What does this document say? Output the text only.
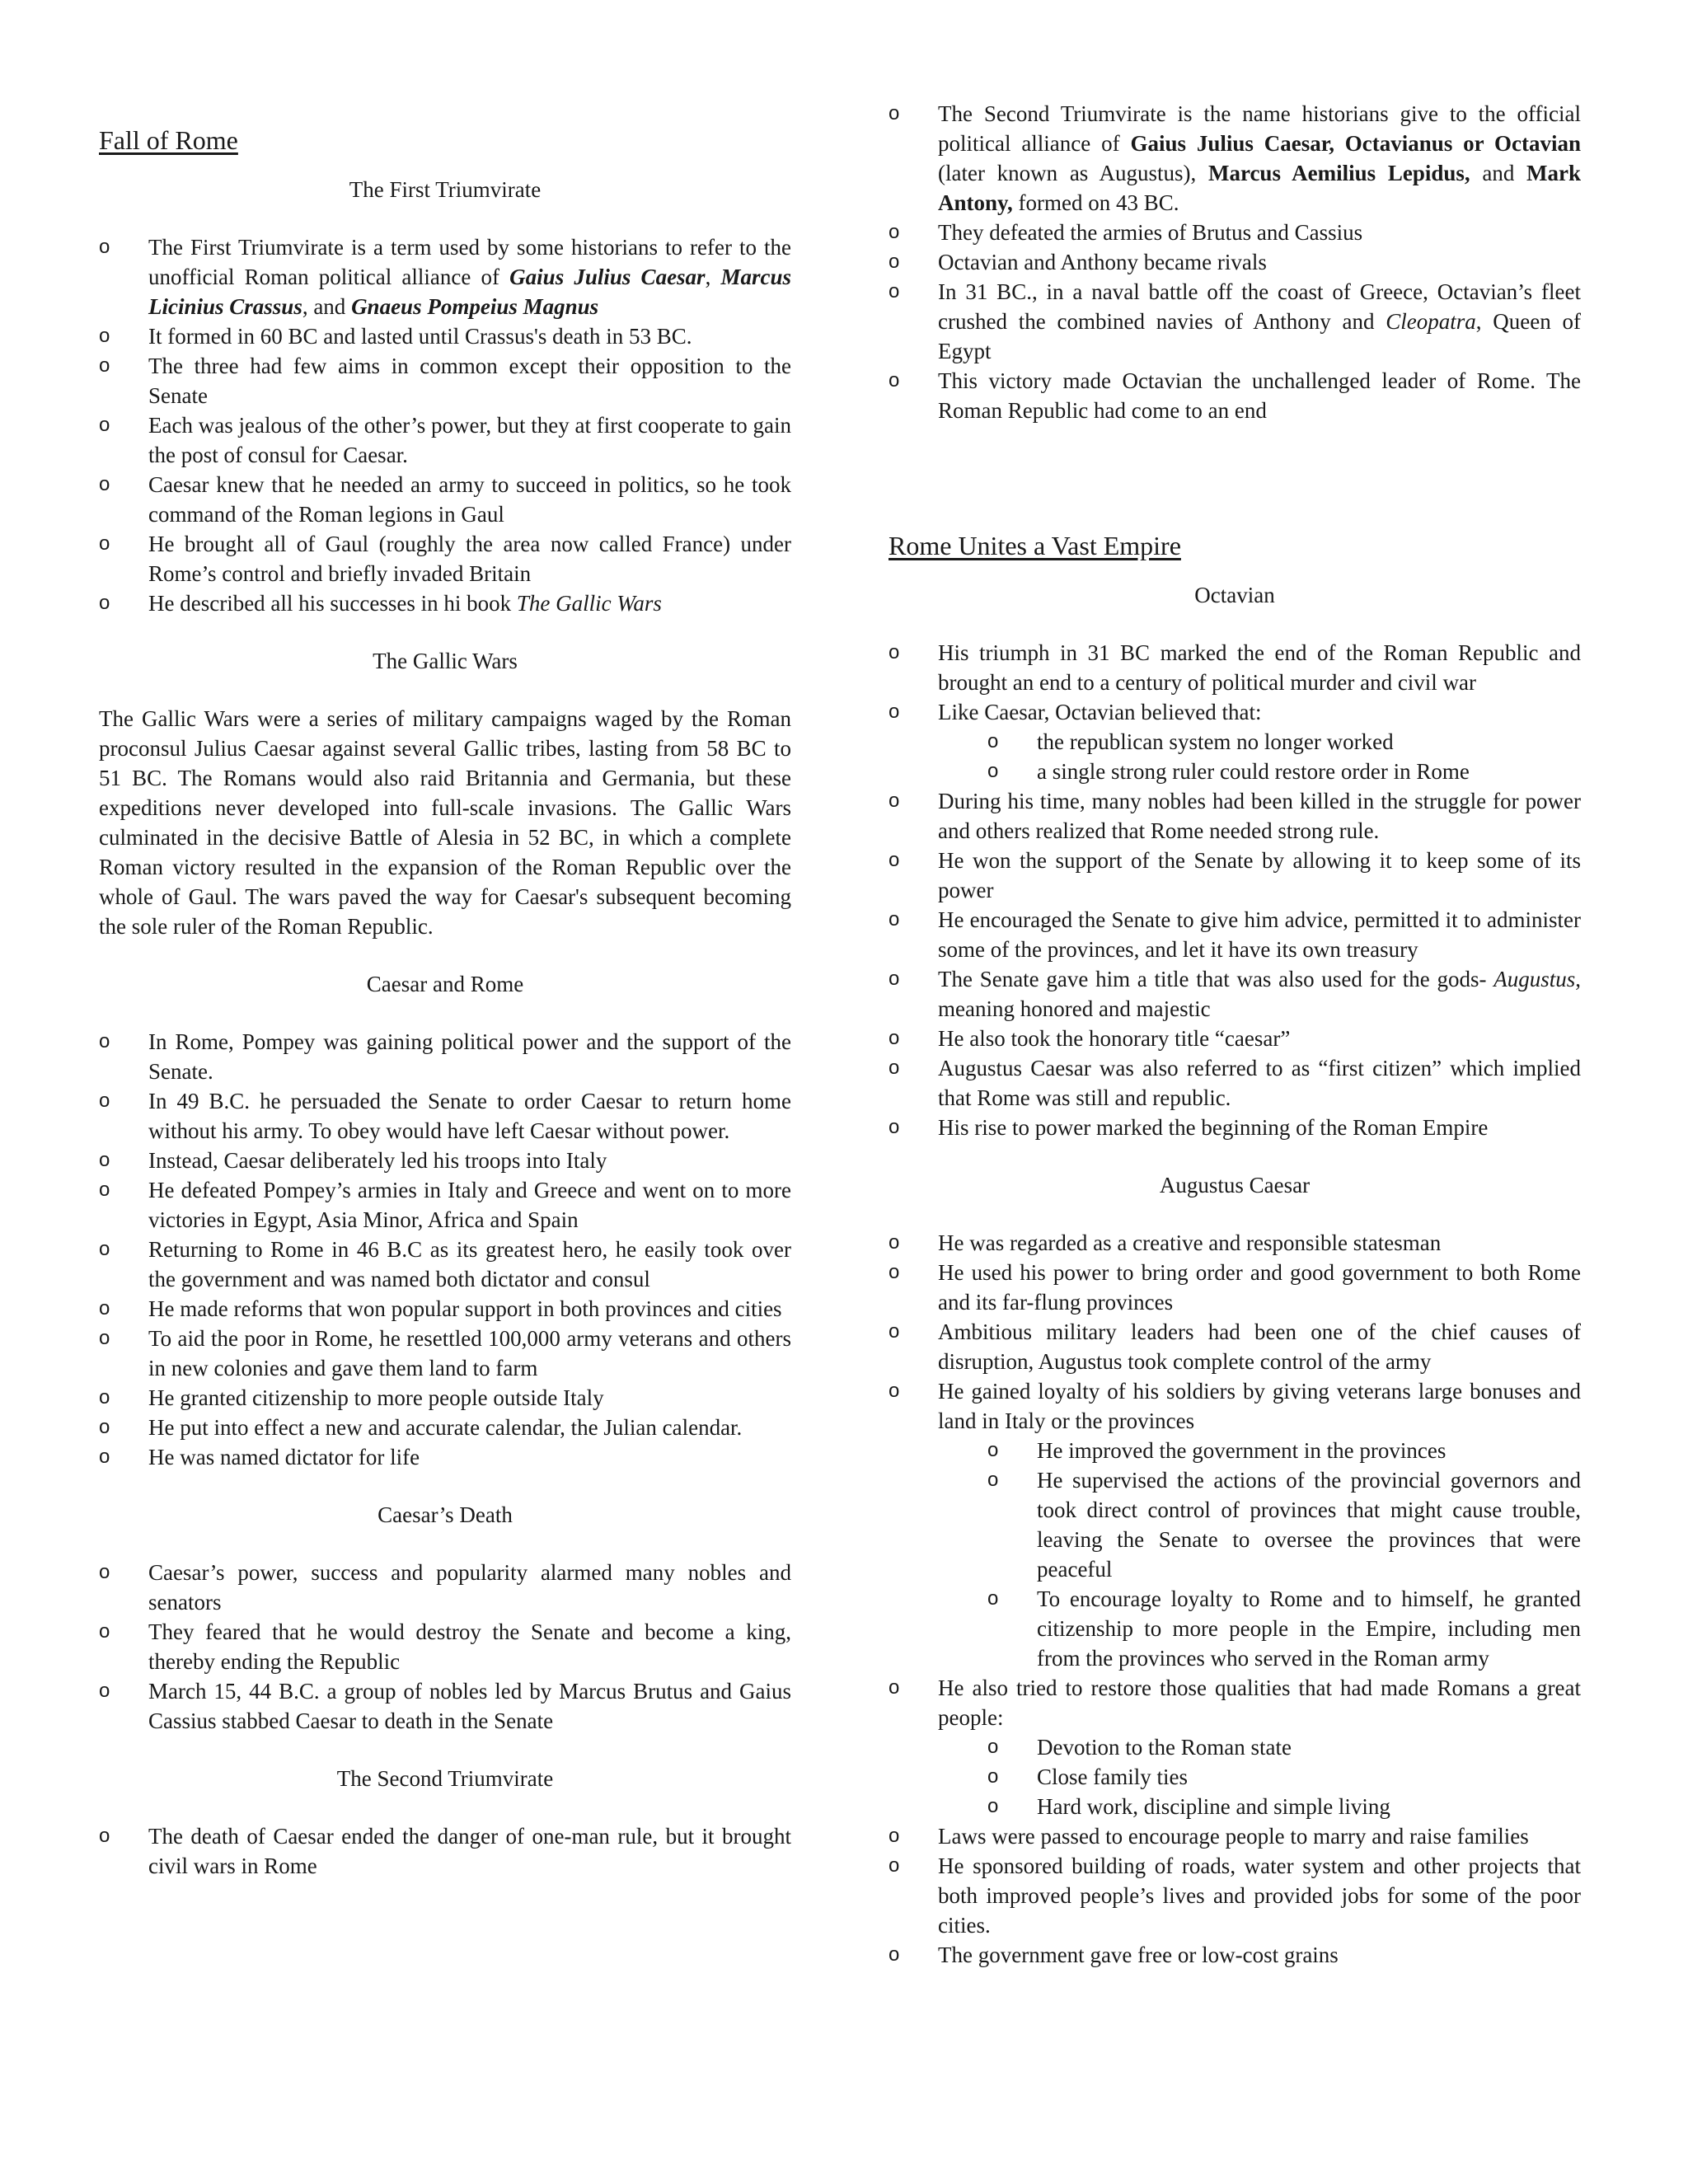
Fall of Rome
The First Triumvirate
o The First Triumvirate is a term used by some historians to refer to the unofficial Roman political alliance of Gaius Julius Caesar, Marcus Licinius Crassus, and Gnaeus Pompeius Magnus
o It formed in 60 BC and lasted until Crassus's death in 53 BC.
o The three had few aims in common except their opposition to the Senate
o Each was jealous of the other’s power, but they at first cooperate to gain the post of consul for Caesar.
o Caesar knew that he needed an army to succeed in politics, so he took command of the Roman legions in Gaul
o He brought all of Gaul (roughly the area now called France) under Rome’s control and briefly invaded Britain
o He described all his successes in hi book The Gallic Wars
The Gallic Wars

The Gallic Wars were a series of military campaigns waged by the Roman proconsul Julius Caesar against several Gallic tribes, lasting from 58 BC to 51 BC. The Romans would also raid Britannia and Germania, but these expeditions never developed into full-scale invasions. The Gallic Wars culminated in the decisive Battle of Alesia in 52 BC, in which a complete Roman victory resulted in the expansion of the Roman Republic over the whole of Gaul. The wars paved the way for Caesar's subsequent becoming the sole ruler of the Roman Republic.

Caesar and Rome
o In Rome, Pompey was gaining political power and the support of the Senate.
o In 49 B.C. he persuaded the Senate to order Caesar to return home without his army. To obey would have left Caesar without power.
o Instead, Caesar deliberately led his troops into Italy
o He defeated Pompey’s armies in Italy and Greece and went on to more victories in Egypt, Asia Minor, Africa and Spain
o Returning to Rome in 46 B.C as its greatest hero, he easily took over the government and was named both dictator and consul
o He made reforms that won popular support in both provinces and cities
o To aid the poor in Rome, he resettled 100,000 army veterans and others in new colonies and gave them land to farm
o He granted citizenship to more people outside Italy
o He put into effect a new and accurate calendar, the Julian calendar.
o He was named dictator for life
Caesar’s Death
o Caesar’s power, success and popularity alarmed many nobles and senators
o They feared that he would destroy the Senate and become a king, thereby ending the Republic
o March 15, 44 B.C. a group of nobles led by Marcus Brutus and Gaius Cassius stabbed Caesar to death in the Senate
The Second Triumvirate
o The death of Caesar ended the danger of one-man rule, but it brought civil wars in Rome
o The Second Triumvirate is the name historians give to the official political alliance of Gaius Julius Caesar, Octavianus or Octavian (later known as Augustus), Marcus Aemilius Lepidus, and Mark Antony, formed on 43 BC.
o They defeated the armies of Brutus and Cassius
o Octavian and Anthony became rivals
o In 31 BC., in a naval battle off the coast of Greece, Octavian’s fleet crushed the combined navies of Anthony and Cleopatra, Queen of Egypt
o This victory made Octavian the unchallenged leader of Rome. The Roman Republic had come to an end
Rome Unites a Vast Empire
Octavian
o His triumph in 31 BC marked the end of the Roman Republic and brought an end to a century of political murder and civil war
o Like Caesar, Octavian believed that:
o the republican system no longer worked
o a single strong ruler could restore order in Rome
o During his time, many nobles had been killed in the struggle for power and others realized that Rome needed strong rule.
o He won the support of the Senate by allowing it to keep some of its power
o He encouraged the Senate to give him advice, permitted it to administer some of the provinces, and let it have its own treasury
o The Senate gave him a title that was also used for the gods- Augustus, meaning honored and majestic
o He also took the honorary title “caesar”
o Augustus Caesar was also referred to as “first citizen” which implied that Rome was still and republic.
o His rise to power marked the beginning of the Roman Empire
Augustus Caesar
o He was regarded as a creative and responsible statesman
o He used his power to bring order and good government to both Rome and its far-flung provinces
o Ambitious military leaders had been one of the chief causes of disruption, Augustus took complete control of the army
o He gained loyalty of his soldiers by giving veterans large bonuses and land in Italy or the provinces
o He improved the government in the provinces
o He supervised the actions of the provincial governors and took direct control of provinces that might cause trouble, leaving the Senate to oversee the provinces that were peaceful
o To encourage loyalty to Rome and to himself, he granted citizenship to more people in the Empire, including men from the provinces who served in the Roman army
o He also tried to restore those qualities that had made Romans a great people:
o Devotion to the Roman state
o Close family ties
o Hard work, discipline and simple living
o Laws were passed to encourage people to marry and raise families
o He sponsored building of roads, water system and other projects that both improved people’s lives and provided jobs for some of the poor cities.
o The government gave free or low-cost grains
